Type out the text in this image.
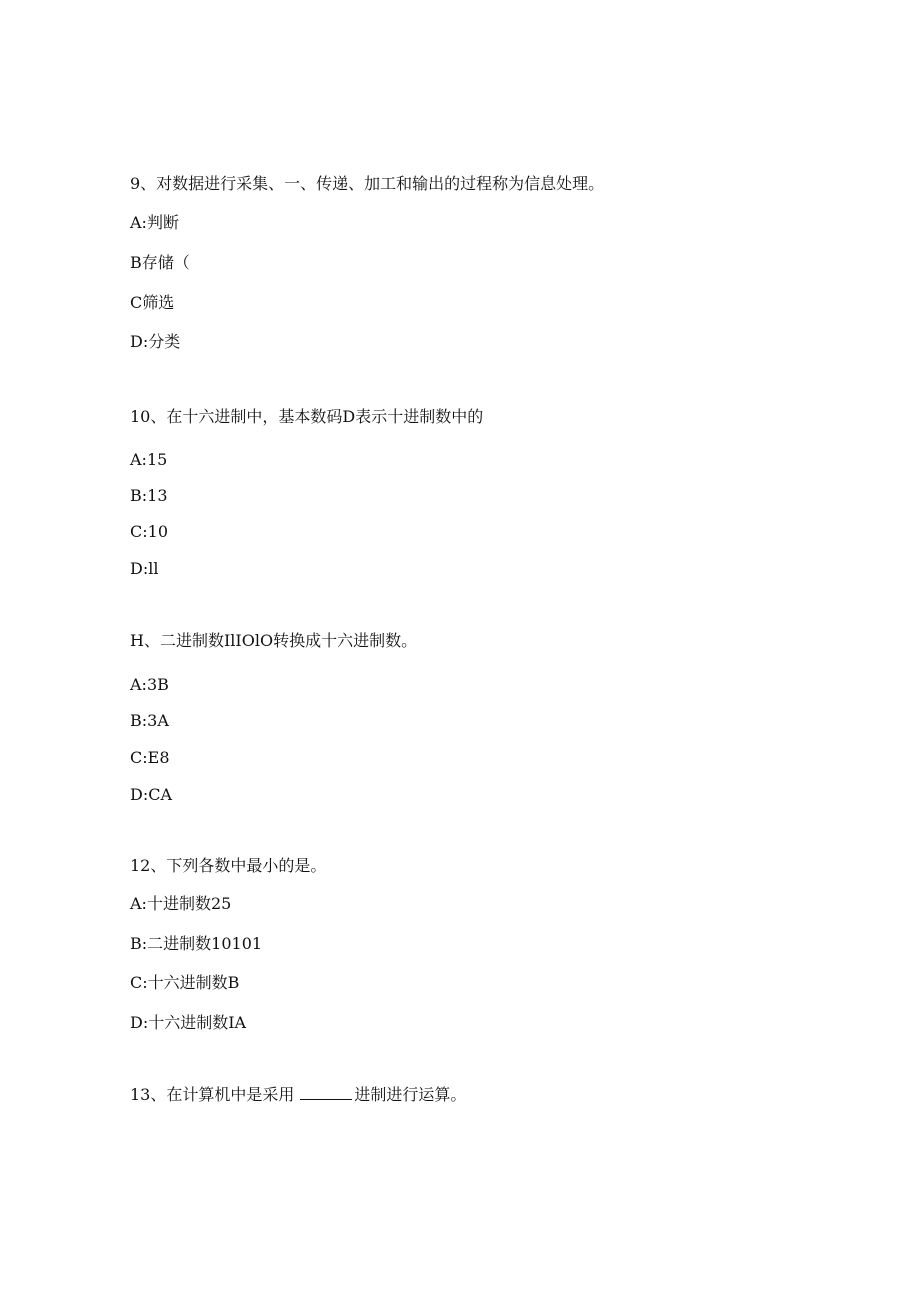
9、对数据进行采集、一、传递、加工和输出的过程称为信息处理。
A:判断
B存储（
C筛选
D:分类
10、在十六进制中，基本数码D表示十进制数中的
A:15
B:13
C:10
D:ll
H、二进制数IlIOlO转换成十六进制数。
A:3B
B:3A
C:E8
D:CA
12、下列各数中最小的是。
A:十进制数25
B:二进制数10101
C:十六进制数B
D:十六进制数IA
13、在计算机中是采用	进制进行运算。
